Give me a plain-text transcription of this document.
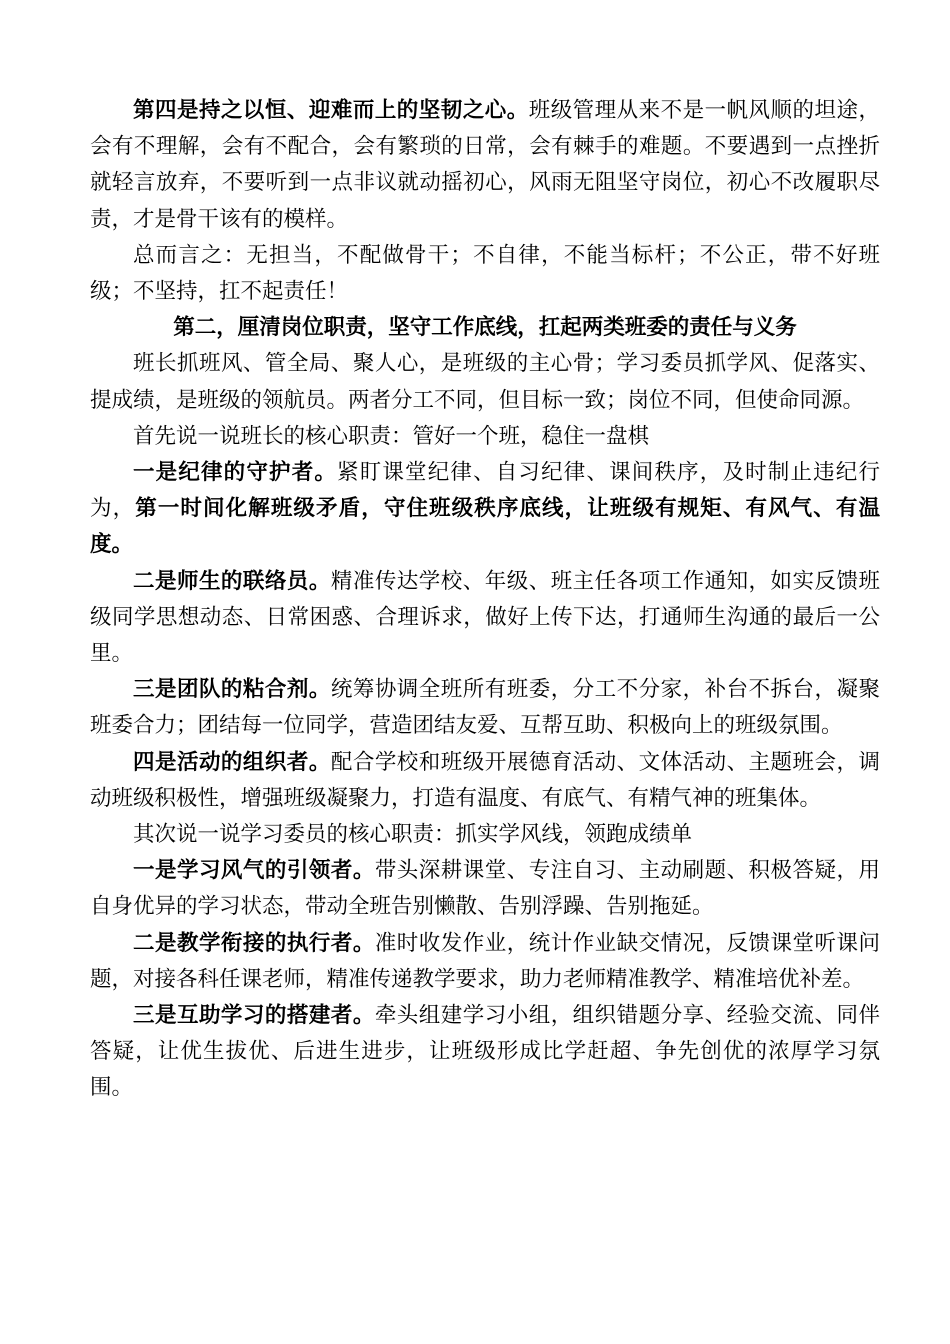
第四是持之以恒、迎难而上的坚韧之心。班级管理从来不是一帆风顺的坦途，会有不理解，会有不配合，会有繁琐的日常，会有棘手的难题。不要遇到一点挫折就轻言放弃，不要听到一点非议就动摇初心，风雨无阻坚守岗位，初心不改履职尽责，才是骨干该有的模样。

总而言之：无担当，不配做骨干；不自律，不能当标杆；不公正，带不好班级；不坚持，扛不起责任！

第二，厘清岗位职责，坚守工作底线，扛起两类班委的责任与义务

班长抓班风、管全局、聚人心，是班级的主心骨；学习委员抓学风、促落实、提成绩，是班级的领航员。两者分工不同，但目标一致；岗位不同，但使命同源。

首先说一说班长的核心职责：管好一个班，稳住一盘棋

一是纪律的守护者。紧盯课堂纪律、自习纪律、课间秩序，及时制止违纪行为，第一时间化解班级矛盾，守住班级秩序底线，让班级有规矩、有风气、有温度。

二是师生的联络员。精准传达学校、年级、班主任各项工作通知，如实反馈班级同学思想动态、日常困惑、合理诉求，做好上传下达，打通师生沟通的最后一公里。

三是团队的粘合剂。统筹协调全班所有班委，分工不分家，补台不拆台，凝聚班委合力；团结每一位同学，营造团结友爱、互帮互助、积极向上的班级氛围。

四是活动的组织者。配合学校和班级开展德育活动、文体活动、主题班会，调动班级积极性，增强班级凝聚力，打造有温度、有底气、有精气神的班集体。

其次说一说学习委员的核心职责：抓实学风线，领跑成绩单

一是学习风气的引领者。带头深耕课堂、专注自习、主动刷题、积极答疑，用自身优异的学习状态，带动全班告别懒散、告别浮躁、告别拖延。

二是教学衔接的执行者。准时收发作业，统计作业缺交情况，反馈课堂听课问题，对接各科任课老师，精准传递教学要求，助力老师精准教学、精准培优补差。

三是互助学习的搭建者。牵头组建学习小组，组织错题分享、经验交流、同伴答疑，让优生拔优、后进生进步，让班级形成比学赶超、争先创优的浓厚学习氛围。
